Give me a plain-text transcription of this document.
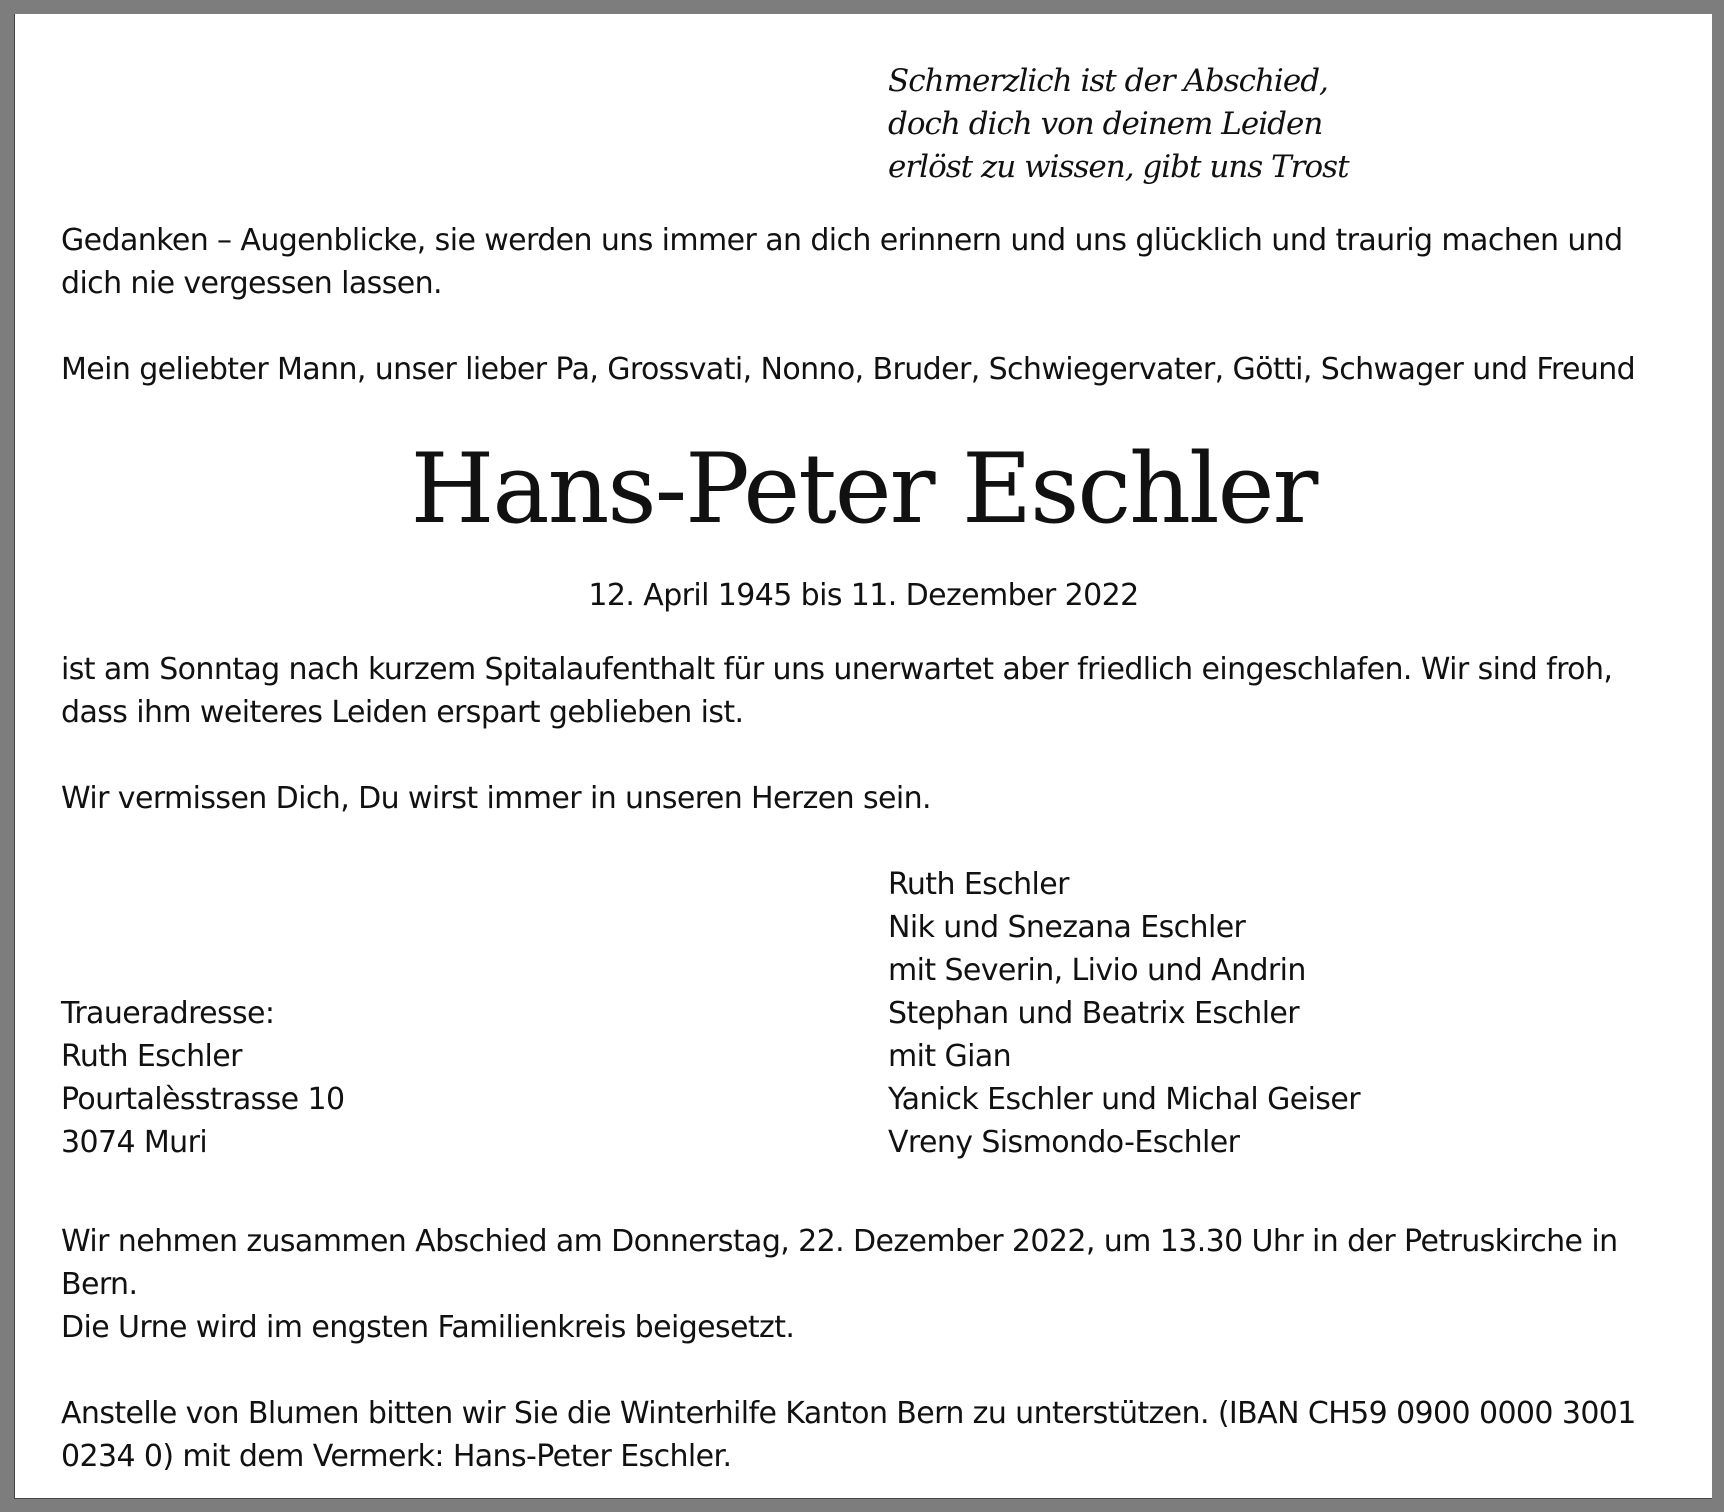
Schmerzlich ist der Abschied,
doch dich von deinem Leiden
erlöst zu wissen, gibt uns Trost

Gedanken – Augenblicke, sie werden uns immer an dich erinnern und uns glücklich und traurig machen und dich nie vergessen lassen.

Mein geliebter Mann, unser lieber Pa, Grossvati, Nonno, Bruder, Schwiegervater, Götti, Schwager und Freund

Hans-Peter Eschler
12. April 1945 bis 11. Dezember 2022

ist am Sonntag nach kurzem Spitalaufenthalt für uns unerwartet aber friedlich eingeschlafen. Wir sind froh, dass ihm weiteres Leiden erspart geblieben ist.

Wir vermissen Dich, Du wirst immer in unseren Herzen sein.

Traueradresse:
Ruth Eschler
Pourtalèsstrasse 10
3074 Muri
Ruth Eschler
Nik und Snezana Eschler
mit Severin, Livio und Andrin
Stephan und Beatrix Eschler
mit Gian
Yanick Eschler und Michal Geiser
Vreny Sismondo-Eschler

Wir nehmen zusammen Abschied am Donnerstag, 22. Dezember 2022, um 13.30 Uhr in der Petruskirche in Bern.

Die Urne wird im engsten Familienkreis beigesetzt.

Anstelle von Blumen bitten wir Sie die Winterhilfe Kanton Bern zu unterstützen. (IBAN CH59 0900 0000 3001 0234 0) mit dem Vermerk: Hans-Peter Eschler.
